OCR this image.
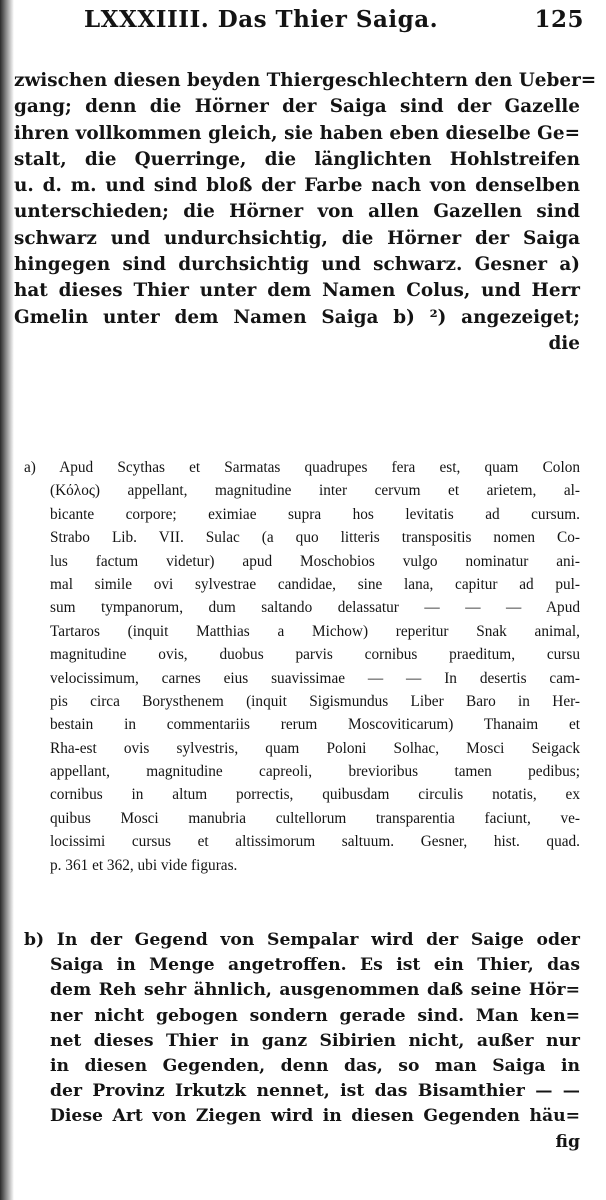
LXXXIIII. Das Thier Saiga.	125
zwischen diesen beyden Thiergeschlechtern den Ueber=
gang; denn die Hörner der Saiga sind der Gazelle
ihren vollkommen gleich, sie haben eben dieselbe Ge=
stalt, die Querringe, die länglichten Hohlstreifen
u. d. m. und sind bloß der Farbe nach von denselben
unterschieden; die Hörner von allen Gazellen sind
schwarz und undurchsichtig, die Hörner der Saiga
hingegen sind durchsichtig und schwarz. Gesner a)
hat dieses Thier unter dem Namen Colus, und Herr
Gmelin unter dem Namen Saiga b) ²) angezeiget;
die
a) Apud Scythas et Sarmatas quadrupes fera est, quam Colon
(Κόλος) appellant, magnitudine inter cervum et arietem, al-
bicante corpore; eximiae supra hos levitatis ad cursum.
Strabo Lib. VII. Sulac (a quo litteris transpositis nomen Co-
lus factum videtur) apud Moschobios vulgo nominatur ani-
mal simile ovi sylvestrae candidae, sine lana, capitur ad pul-
sum tympanorum, dum saltando delassatur — — — Apud
Tartaros (inquit Matthias a Michow) reperitur Snak animal,
magnitudine ovis, duobus parvis cornibus praeditum, cursu
velocissimum, carnes eius suavissimae — — In desertis cam-
pis circa Borysthenem (inquit Sigismundus Liber Baro in Her-
bestain in commentariis rerum Moscoviticarum) Thanaim et
Rha-est ovis sylvestris, quam Poloni Solhac, Mosci Seigack
appellant, magnitudine capreoli, brevioribus tamen pedibus;
cornibus in altum porrectis, quibusdam circulis notatis, ex
quibus Mosci manubria cultellorum transparentia faciunt, ve-
locissimi cursus et altissimorum saltuum. Gesner, hist. quad.
p. 361 et 362, ubi vide figuras.
b) In der Gegend von Sempalar wird der Saige oder
Saiga in Menge angetroffen. Es ist ein Thier, das
dem Reh sehr ähnlich, ausgenommen daß seine Hör=
ner nicht gebogen sondern gerade sind. Man ken=
net dieses Thier in ganz Sibirien nicht, außer nur
in diesen Gegenden, denn das, so man Saiga in
der Provinz Irkutzk nennet, ist das Bisamthier — —
Diese Art von Ziegen wird in diesen Gegenden häu=
fig
